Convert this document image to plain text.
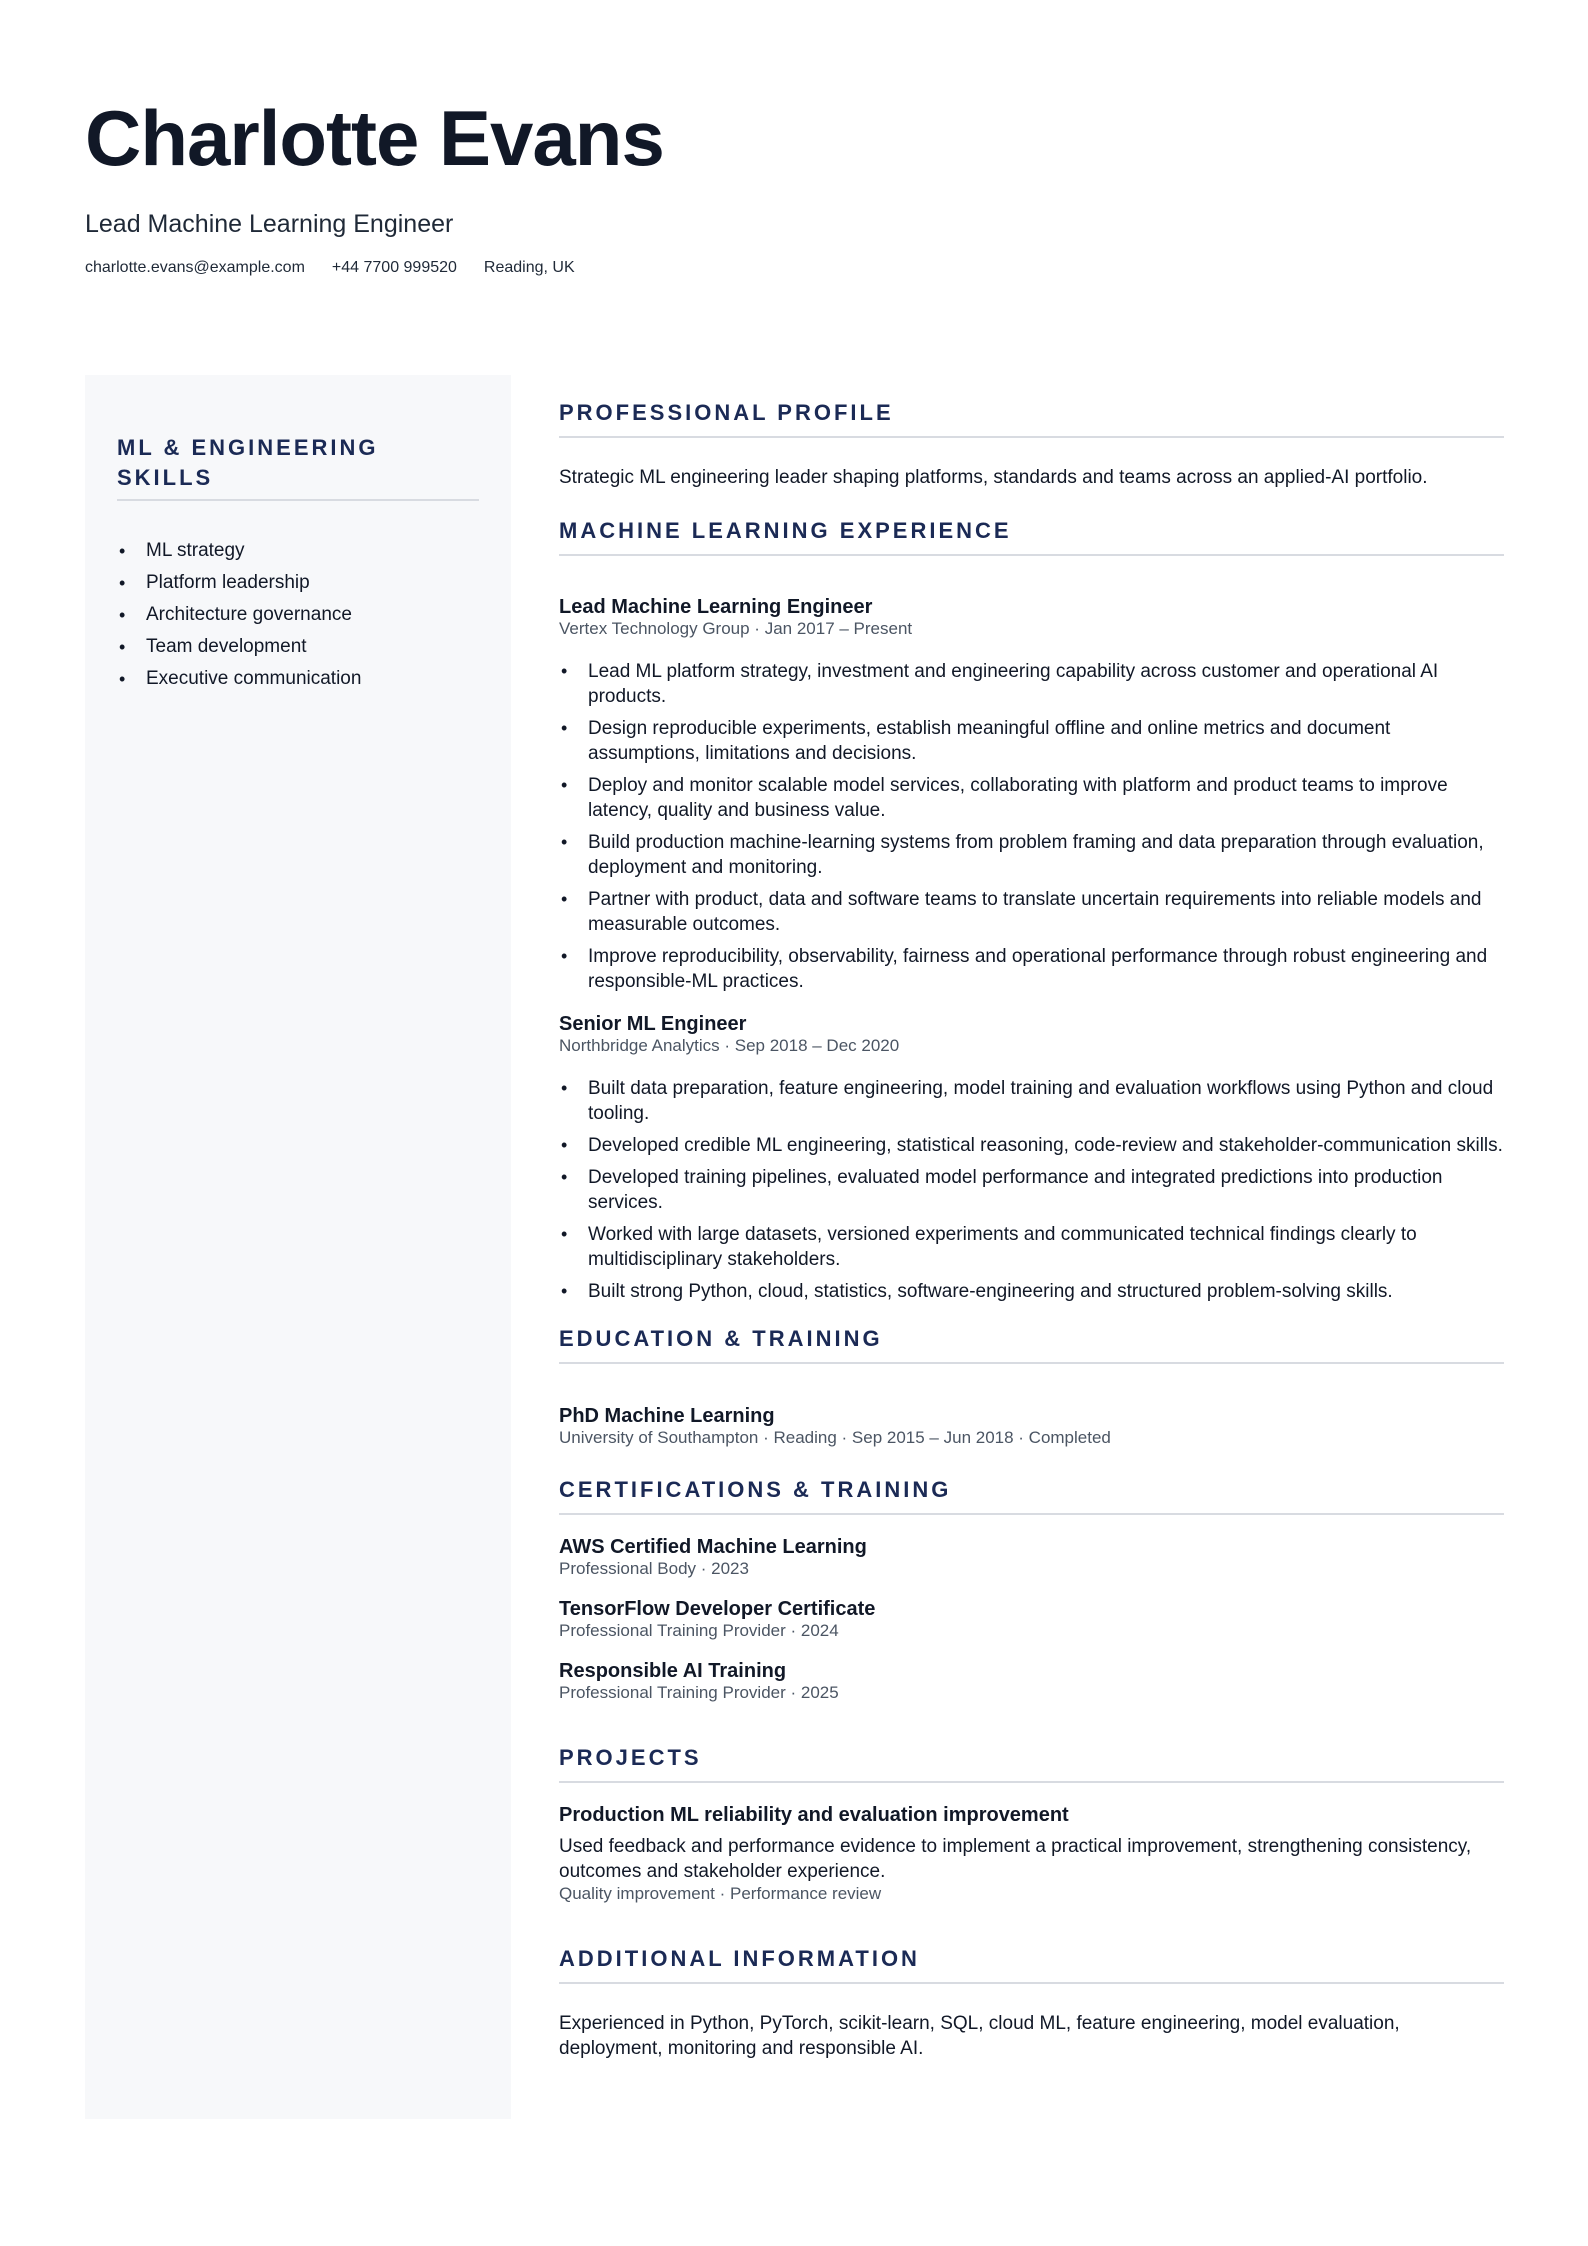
Charlotte Evans
Lead Machine Learning Engineer
charlotte.evans@example.com +44 7700 999520 Reading, UK
ML & ENGINEERING SKILLS
• ML strategy
• Platform leadership
• Architecture governance
• Team development
• Executive communication
PROFESSIONAL PROFILE
Strategic ML engineering leader shaping platforms, standards and teams across an applied-AI portfolio.
MACHINE LEARNING EXPERIENCE
Lead Machine Learning Engineer
Vertex Technology Group · Jan 2017 – Present
• Lead ML platform strategy, investment and engineering capability across customer and operational AI products.
• Design reproducible experiments, establish meaningful offline and online metrics and document assumptions, limitations and decisions.
• Deploy and monitor scalable model services, collaborating with platform and product teams to improve latency, quality and business value.
• Build production machine-learning systems from problem framing and data preparation through evaluation, deployment and monitoring.
• Partner with product, data and software teams to translate uncertain requirements into reliable models and measurable outcomes.
• Improve reproducibility, observability, fairness and operational performance through robust engineering and responsible-ML practices.
Senior ML Engineer
Northbridge Analytics · Sep 2018 – Dec 2020
• Built data preparation, feature engineering, model training and evaluation workflows using Python and cloud tooling.
• Developed credible ML engineering, statistical reasoning, code-review and stakeholder-communication skills.
• Developed training pipelines, evaluated model performance and integrated predictions into production services.
• Worked with large datasets, versioned experiments and communicated technical findings clearly to multidisciplinary stakeholders.
• Built strong Python, cloud, statistics, software-engineering and structured problem-solving skills.
EDUCATION & TRAINING
PhD Machine Learning
University of Southampton · Reading · Sep 2015 – Jun 2018 · Completed
CERTIFICATIONS & TRAINING
AWS Certified Machine Learning
Professional Body · 2023
TensorFlow Developer Certificate
Professional Training Provider · 2024
Responsible AI Training
Professional Training Provider · 2025
PROJECTS
Production ML reliability and evaluation improvement
Used feedback and performance evidence to implement a practical improvement, strengthening consistency, outcomes and stakeholder experience.
Quality improvement · Performance review
ADDITIONAL INFORMATION
Experienced in Python, PyTorch, scikit-learn, SQL, cloud ML, feature engineering, model evaluation, deployment, monitoring and responsible AI.
